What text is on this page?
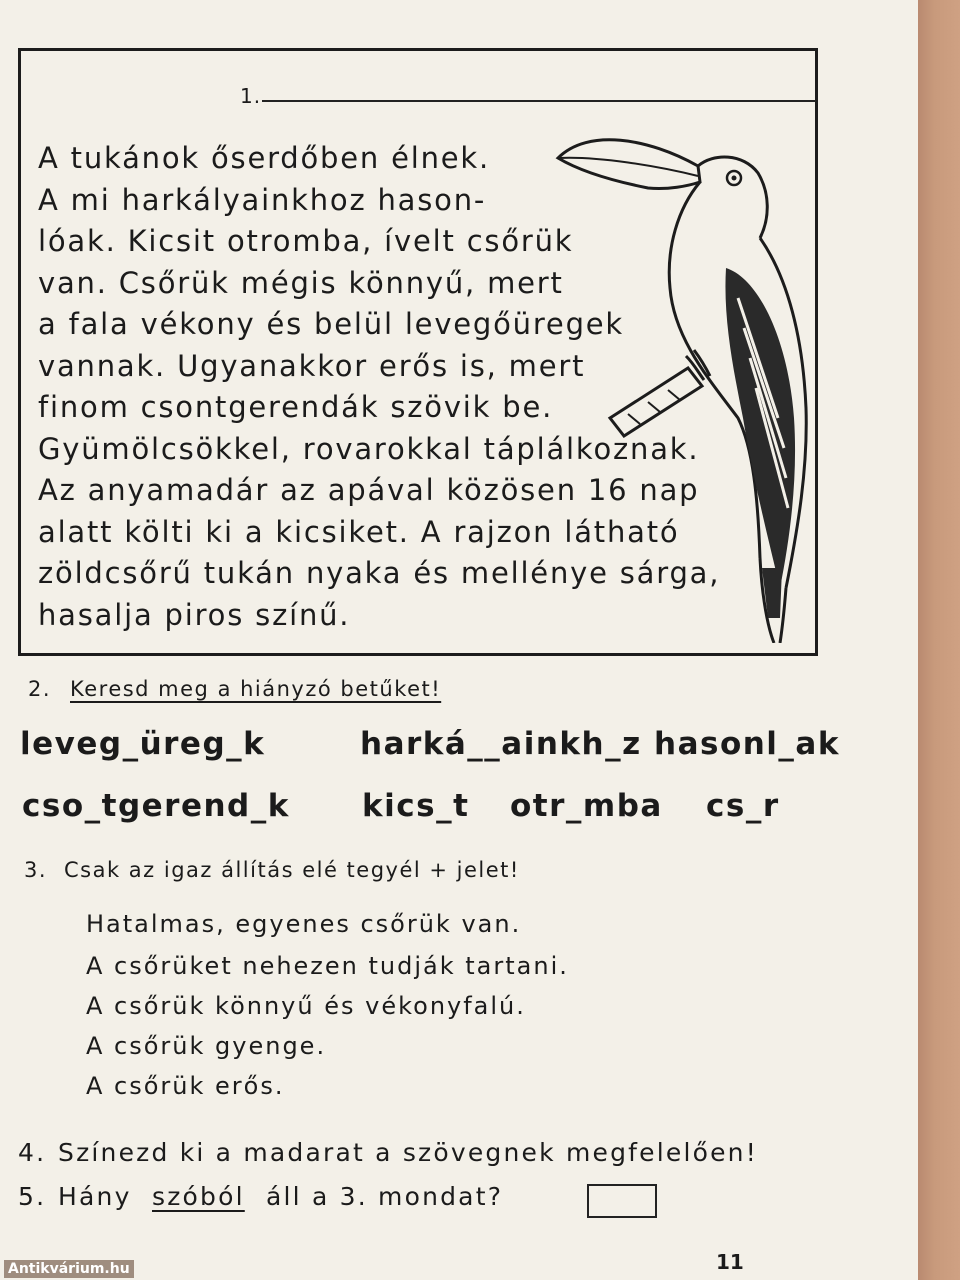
1.
A tukánok őserdőben élnek.
A mi harkályainkhoz hason-
lóak. Kicsit otromba, ívelt csőrük
van. Csőrük mégis könnyű, mert
a fala vékony és belül levegőüregek
vannak. Ugyanakkor erős is, mert
finom csontgerendák szövik be.
Gyümölcsökkel, rovarokkal táplálkoznak.
Az anyamadár az apával közösen 16 nap
alatt költi ki a kicsiket. A rajzon látható
zöldcsőrű tukán nyaka és mellénye sárga,
hasalja piros színű.
2. Keresd meg a hiányzó betűket!
leveg_üreg_k	harká__ainkh_z hasonl_ak
cso_tgerend_k kics_t otr_mba cs_r
3. Csak az igaz állítás elé tegyél + jelet!
Hatalmas, egyenes csőrük van.
A csőrüket nehezen tudják tartani.
A csőrük könnyű és vékonyfalú.
A csőrük gyenge.
A csőrük erős.
4. Színezd ki a madarat a szövegnek megfelelően!
5. Hány szóból áll a 3. mondat?
11
Antikvárium.hu
